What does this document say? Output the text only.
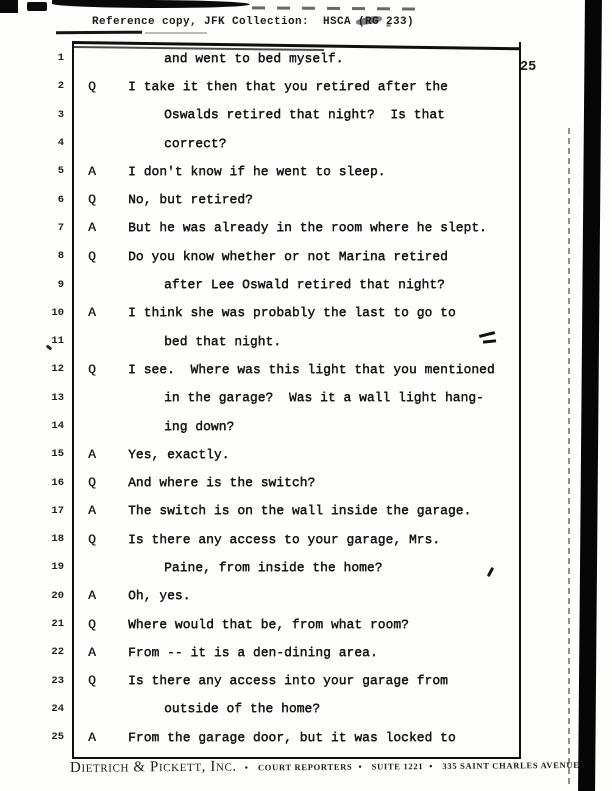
Reference copy, JFK Collection:  HSCA (RG 233)
25
1	and went to bed myself.
2 Q	I take it then that you retired after the
3	Oswalds retired that night?  Is that
4	correct?
5 A	I don't know if he went to sleep.
6 Q	No, but retired?
7 A	But he was already in the room where he slept.
8 Q	Do you know whether or not Marina retired
9	after Lee Oswald retired that night?
10 A	I think she was probably the last to go to
11	bed that night.
12 Q	I see.  Where was this light that you mentioned
13	in the garage?  Was it a wall light hang-
14	ing down?
15 A	Yes, exactly.
16 Q	And where is the switch?
17 A	The switch is on the wall inside the garage.
18 Q	Is there any access to your garage, Mrs.
19	Paine, from inside the home?
20 A	Oh, yes.
21 Q	Where would that be, from what room?
22 A	From -- it is a den-dining area.
23 Q	Is there any access into your garage from
24	outside of the home?
25 A	From the garage door, but it was locked to
Dietrich & Pickett, Inc. • COURT REPORTERS • SUITE 1221 • 335 SAINT CHARLES AVENUE
